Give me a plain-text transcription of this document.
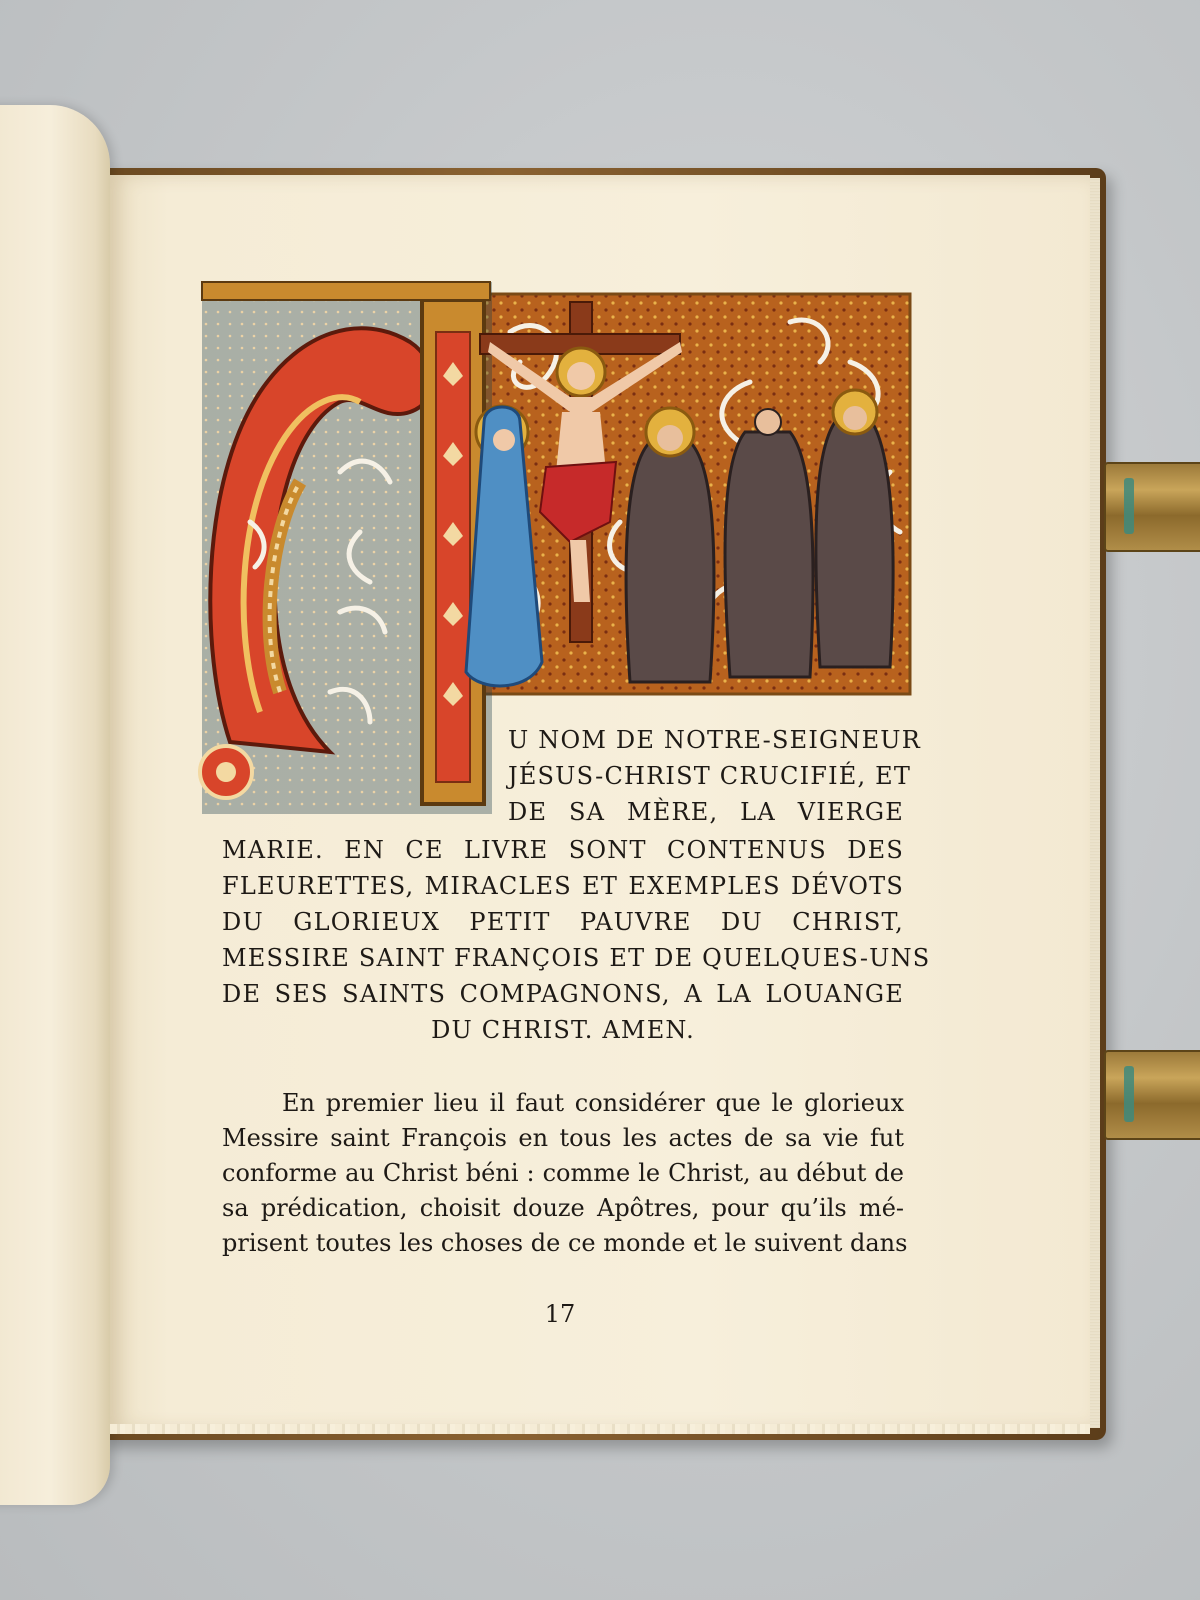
U NOM DE NOTRE-SEIGNEUR
JÉSUS-CHRIST CRUCIFIÉ, ET
DE SA MÈRE, LA VIERGE

MARIE. EN CE LIVRE SONT CONTENUS DES
FLEURETTES, MIRACLES ET EXEMPLES DÉVOTS
DU GLORIEUX PETIT PAUVRE DU CHRIST,
MESSIRE SAINT FRANÇOIS ET DE QUELQUES-UNS
DE SES SAINTS COMPAGNONS, A LA LOUANGE
DU CHRIST. AMEN.

En premier lieu il faut considérer que le glorieux
Messire saint François en tous les actes de sa vie fut
conforme au Christ béni : comme le Christ, au début de
sa prédication, choisit douze Apôtres, pour qu’ils mé-
prisent toutes les choses de ce monde et le suivent dans

17
